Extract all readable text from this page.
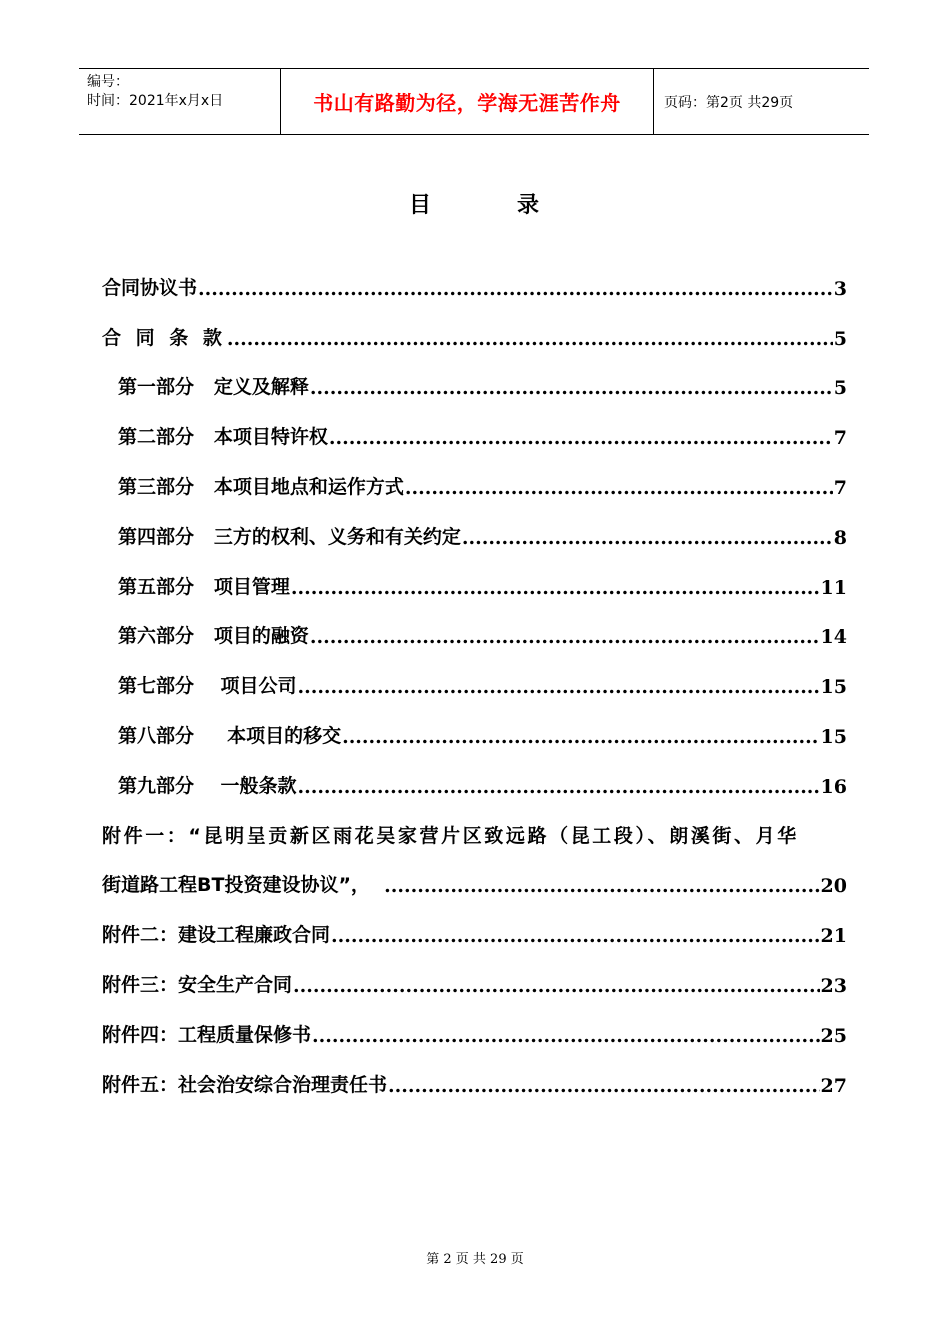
编号：
时间：2021年x月x日	书山有路勤为径，学海无涯苦作舟	页码：第2页 共29页
目	录
合同协议书 .....	3
合 同 条 款 .....	5
第一部分   定义及解释 .....	5
第二部分   本项目特许权 .....	7
第三部分   本项目地点和运作方式 .....	7
第四部分   三方的权利、义务和有关约定 .....	8
第五部分   项目管理 .....	11
第六部分   项目的融资 .....	14
第七部分    项目公司 .....	15
第八部分     本项目的移交 .....	15
第九部分    一般条款 .....	16
附件一：“昆明呈贡新区雨花吴家营片区致远路（昆工段）、朗溪街、月华
街道路工程BT投资建设协议”， .....	20
附件二：建设工程廉政合同 .....	21
附件三：安全生产合同 .....	23
附件四：工程质量保修书 .....	25
附件五：社会治安综合治理责任书 .....	27
第 2 页 共 29 页
